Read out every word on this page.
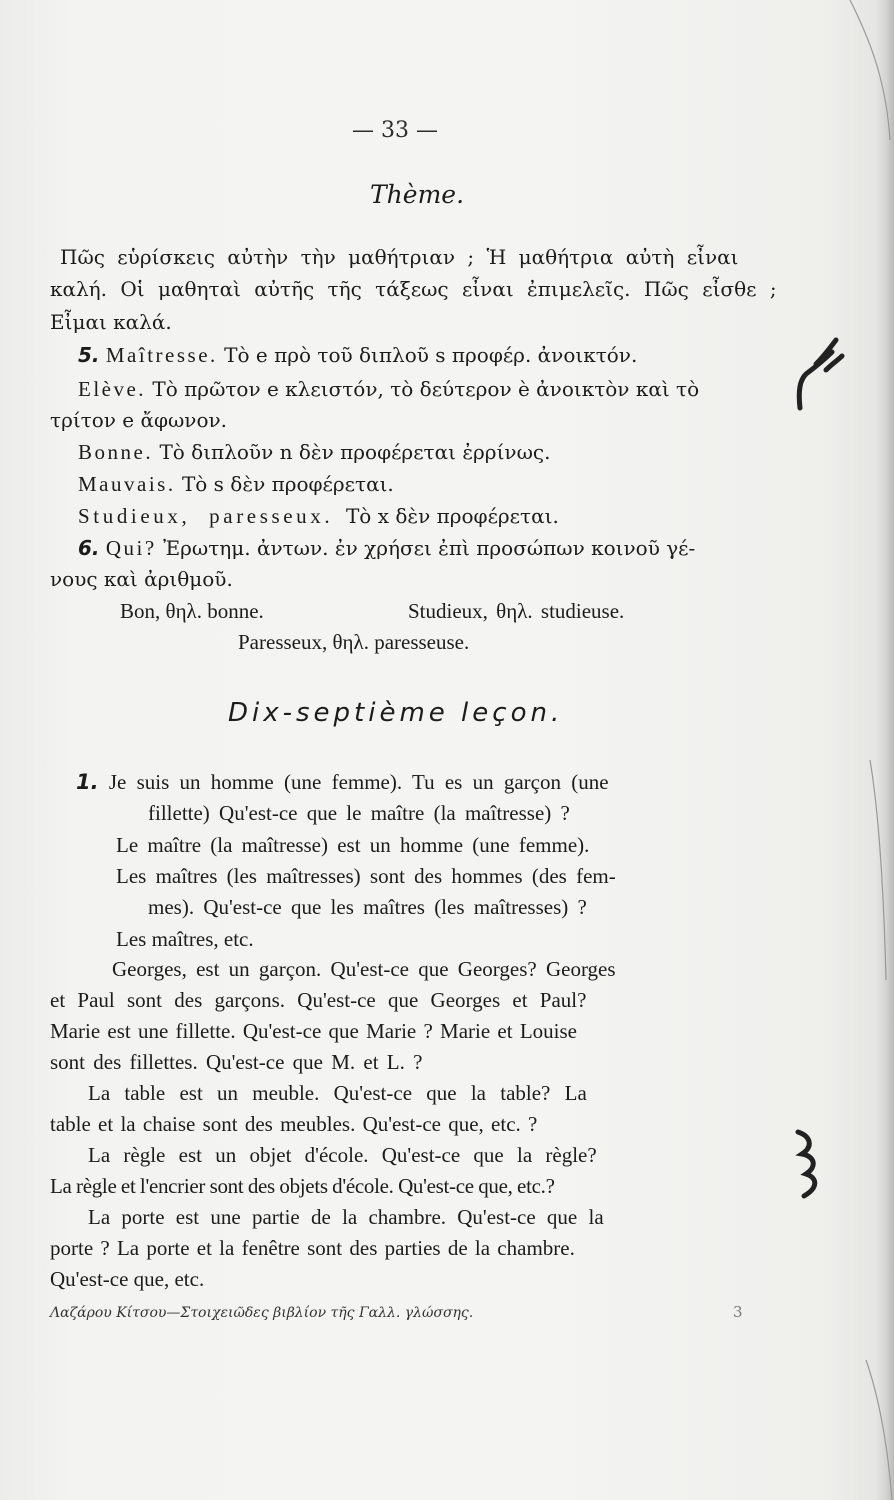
— 33 —
Thème.
Πῶς εὑρίσκεις αὐτὴν τὴν μαθήτριαν ; Ἡ μαθήτρια αὐτὴ εἶναι
καλή. Οἱ μαθηταὶ αὐτῆς τῆς τάξεως εἶναι ἐπιμελεῖς. Πῶς εἶσθε ;
Εἶμαι καλά.
5. Maîtresse. Τὸ e πρὸ τοῦ διπλοῦ s προφέρ. ἀνοικτόν.
Elève. Τὸ πρῶτον e κλειστόν, τὸ δεύτερον è ἀνοικτὸν καὶ τὸ
τρίτον e ἄφωνον.
Bonne. Τὸ διπλοῦν n δὲν προφέρεται ἐρρίνως.
Mauvais. Τὸ s δὲν προφέρεται.
Studieux, paresseux. Τὸ x δὲν προφέρεται.
6. Qui? Ἐρωτημ. ἀντων. ἐν χρήσει ἐπὶ προσώπων κοινοῦ γέ-
νους καὶ ἀριθμοῦ.
Bon, θηλ. bonne.	Studieux, θηλ. studieuse.
Paresseux, θηλ. paresseuse.
Dix-septième leçon.
1. Je suis un homme (une femme). Tu es un garçon (une
fillette) Qu'est-ce que le maître (la maîtresse) ?
Le maître (la maîtresse) est un homme (une femme).
Les maîtres (les maîtresses) sont des hommes (des fem-
mes). Qu'est-ce que les maîtres (les maîtresses) ?
Les maîtres, etc.
Georges, est un garçon. Qu'est-ce que Georges? Georges
et Paul sont des garçons. Qu'est-ce que Georges et Paul?
Marie est une fillette. Qu'est-ce que Marie ? Marie et Louise
sont des fillettes. Qu'est-ce que M. et L. ?
La table est un meuble. Qu'est-ce que la table? La
table et la chaise sont des meubles. Qu'est-ce que, etc. ?
La règle est un objet d'école. Qu'est-ce que la règle?
La règle et l'encrier sont des objets d'école. Qu'est-ce que, etc.?
La porte est une partie de la chambre. Qu'est-ce que la
porte ? La porte et la fenêtre sont des parties de la chambre.
Qu'est-ce que, etc.
Λαζάρου Κίτσου—Στοιχειῶδες βιβλίον τῆς Γαλλ. γλώσσης.	3
